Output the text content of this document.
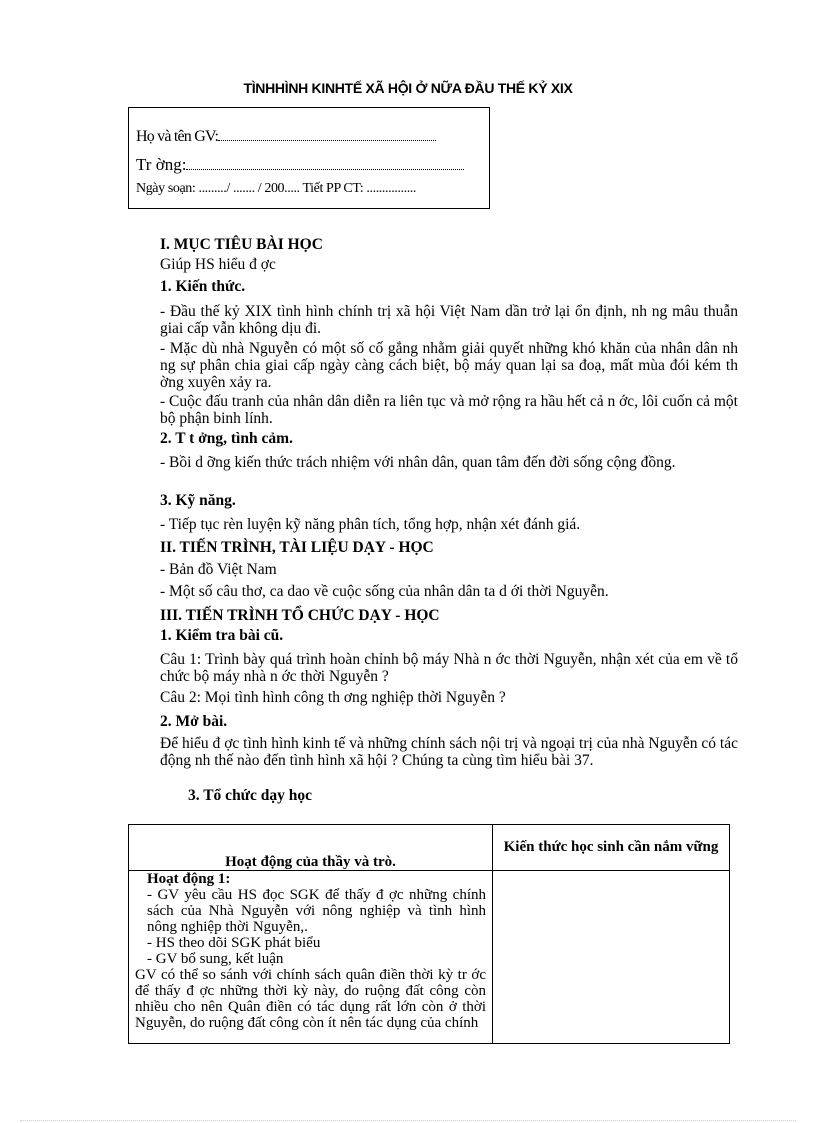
TÌNHHÌNH KINHTẾ XÃ HỘI Ở NỮA ĐẦU THẾ KỶ XIX
Họ và tên GV:
Tr ờng:
Ngày soạn: ........./ ....... / 200..... Tiết PP CT: ................
I. MỤC TIÊU BÀI HỌC
Giúp HS hiểu đ ợc
1. Kiến thức.

- Đầu thế kỷ XIX tình hình chính trị xã hội Việt Nam dần trở lại ổn định, nh ng mâu thuẫn giai cấp vẫn không dịu đi.

- Mặc dù nhà Nguyễn có một số cố gắng nhằm giải quyết những khó khăn của nhân dân nh ng sự phân chia giai cấp ngày càng cách biệt, bộ máy quan lại sa đoạ, mất mùa đói kém th ờng xuyên xảy ra.

- Cuộc đấu tranh của nhân dân diễn ra liên tục và mở rộng ra hầu hết cả n ớc, lôi cuốn cả một bộ phận binh lính.

2. T t ởng, tình cảm.

- Bồi d ỡng kiến thức trách nhiệm với nhân dân, quan tâm đến đời sống cộng đồng.

3. Kỹ năng.

- Tiếp tục rèn luyện kỹ năng phân tích, tổng hợp, nhận xét đánh giá.

II. TIẾN TRÌNH, TÀI LIỆU DẠY - HỌC

- Bản đồ Việt Nam

- Một số câu thơ, ca dao về cuộc sống của nhân dân ta d ới thời Nguyễn.

III. TIẾN TRÌNH TỔ CHỨC DẠY - HỌC
1. Kiểm tra bài cũ.

Câu 1: Trình bày quá trình hoàn chỉnh bộ máy Nhà n ớc thời Nguyễn, nhận xét của em về tổ chức bộ máy nhà n ớc thời Nguyễn ?

Câu 2: Mọi tình hình công th ơng nghiệp thời Nguyễn ?

2. Mở bài.

Để hiểu đ ợc tình hình kinh tế và những chính sách nội trị và ngoại trị của nhà Nguyễn có tác động nh thế nào đến tình hình xã hội ? Chúng ta cùng tìm hiểu bài 37.

3. Tổ chức dạy học
Hoạt động của thầy và trò.	Kiến thức học sinh cần nắm vững

Hoạt động 1:
- GV yêu cầu HS đọc SGK để thấy đ ợc những chính sách của Nhà Nguyễn với nông nghiệp và tình hình nông nghiệp thời Nguyễn,.
- HS theo dõi SGK phát biểu
- GV bổ sung, kết luận
GV có thể so sánh với chính sách quân điền thời kỳ tr ớc để thấy đ ợc những thời kỳ này, do ruộng đất công còn nhiều cho nên Quân điền có tác dụng rất lớn còn ở thời Nguyễn, do ruộng đất công còn ít nên tác dụng của chính	
